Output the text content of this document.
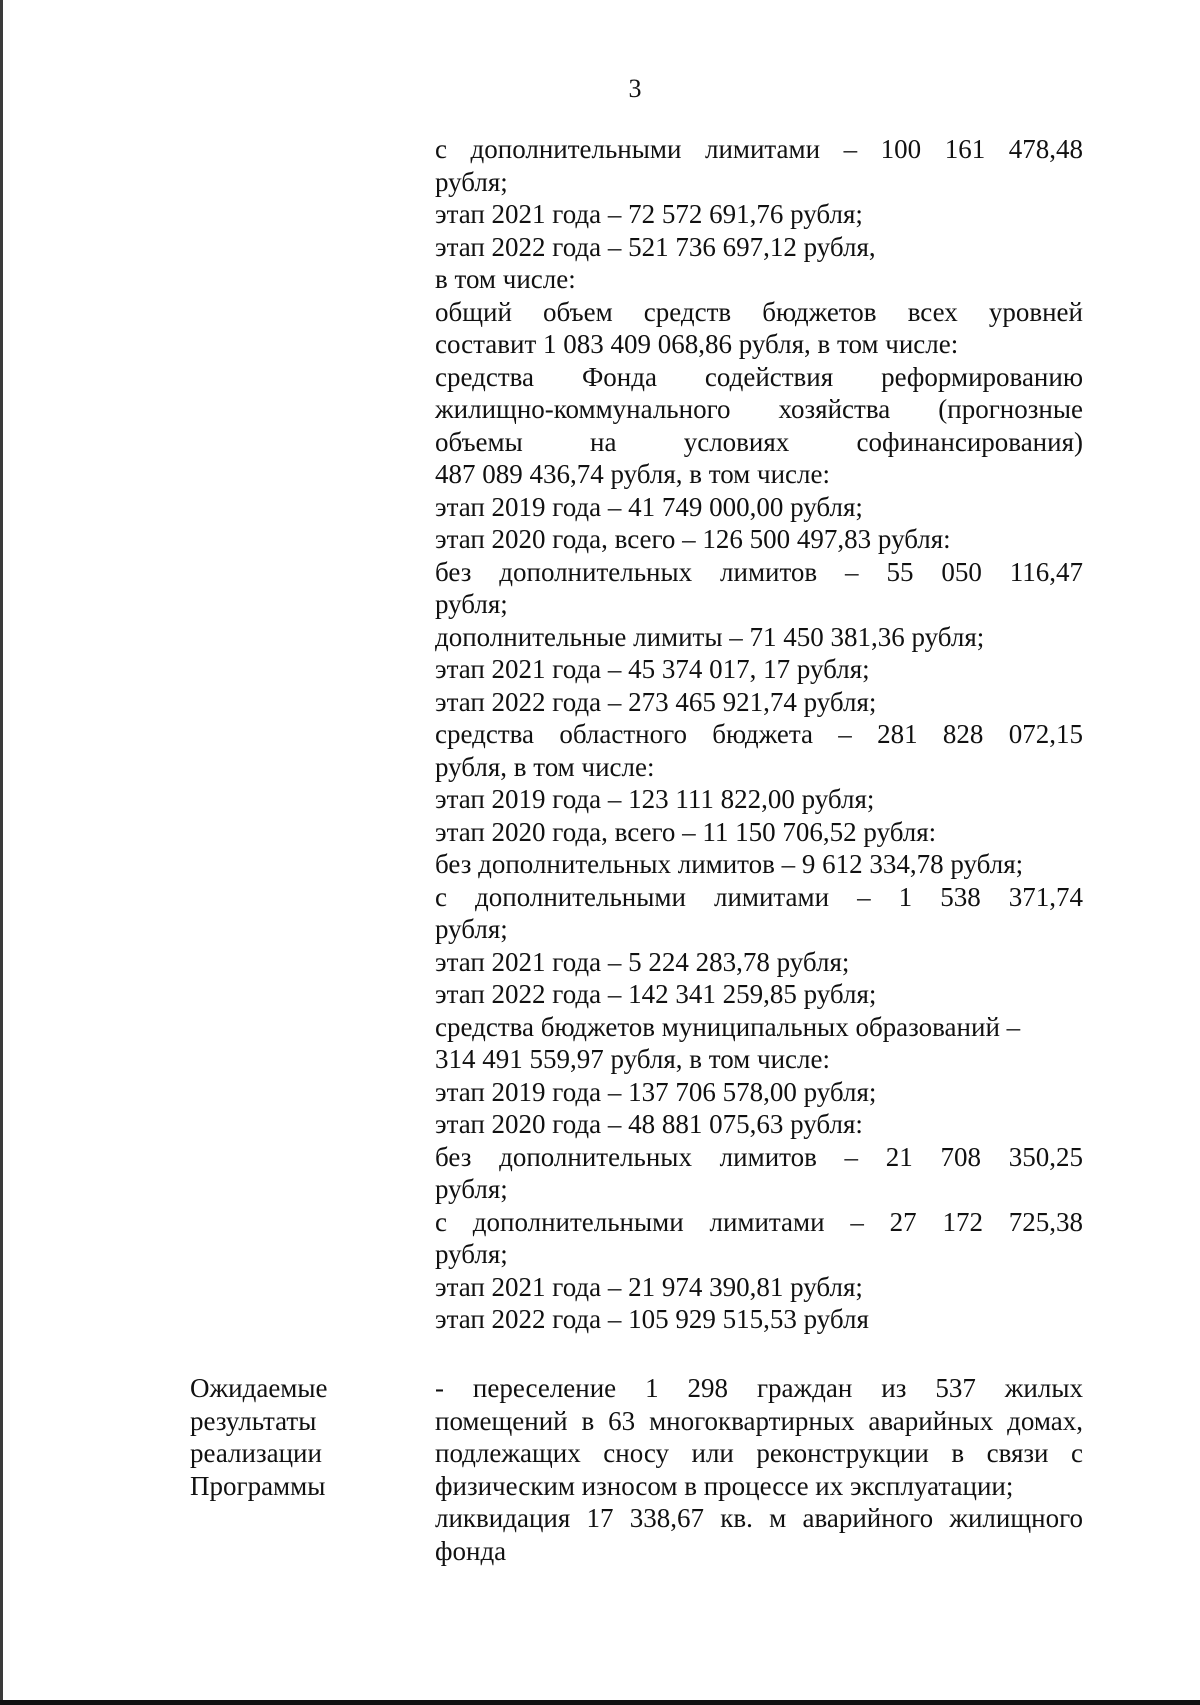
3
с дополнительными лимитами – 100 161 478,48
рубля;
этап 2021 года – 72 572 691,76 рубля;
этап 2022 года – 521 736 697,12 рубля,
в том числе:
общий объем средств бюджетов всех уровней
составит 1 083 409 068,86 рубля, в том числе:
средства Фонда содействия реформированию
жилищно-коммунального хозяйства (прогнозные
объемы на условиях софинансирования)
487 089 436,74 рубля, в том числе:
этап 2019 года – 41 749 000,00 рубля;
этап 2020 года, всего – 126 500 497,83 рубля:
без дополнительных лимитов – 55 050 116,47
рубля;
дополнительные лимиты – 71 450 381,36 рубля;
этап 2021 года – 45 374 017, 17 рубля;
этап 2022 года – 273 465 921,74 рубля;
средства областного бюджета – 281 828 072,15
рубля, в том числе:
этап 2019 года – 123 111 822,00 рубля;
этап 2020 года, всего – 11 150 706,52 рубля:
без дополнительных лимитов – 9 612 334,78 рубля;
с дополнительными лимитами – 1 538 371,74
рубля;
этап 2021 года – 5 224 283,78 рубля;
этап 2022 года – 142 341 259,85 рубля;
средства бюджетов муниципальных образований –
314 491 559,97 рубля, в том числе:
этап 2019 года – 137 706 578,00 рубля;
этап 2020 года – 48 881 075,63 рубля:
без дополнительных лимитов – 21 708 350,25
рубля;
с дополнительными лимитами – 27 172 725,38
рубля;
этап 2021 года – 21 974 390,81 рубля;
этап 2022 года – 105 929 515,53 рубля
Ожидаемые
результаты
реализации
Программы
- переселение 1 298 граждан из 537 жилых
помещений в 63 многоквартирных аварийных домах,
подлежащих сносу или реконструкции в связи с
физическим износом в процессе их эксплуатации;
ликвидация 17 338,67 кв. м аварийного жилищного
фонда
